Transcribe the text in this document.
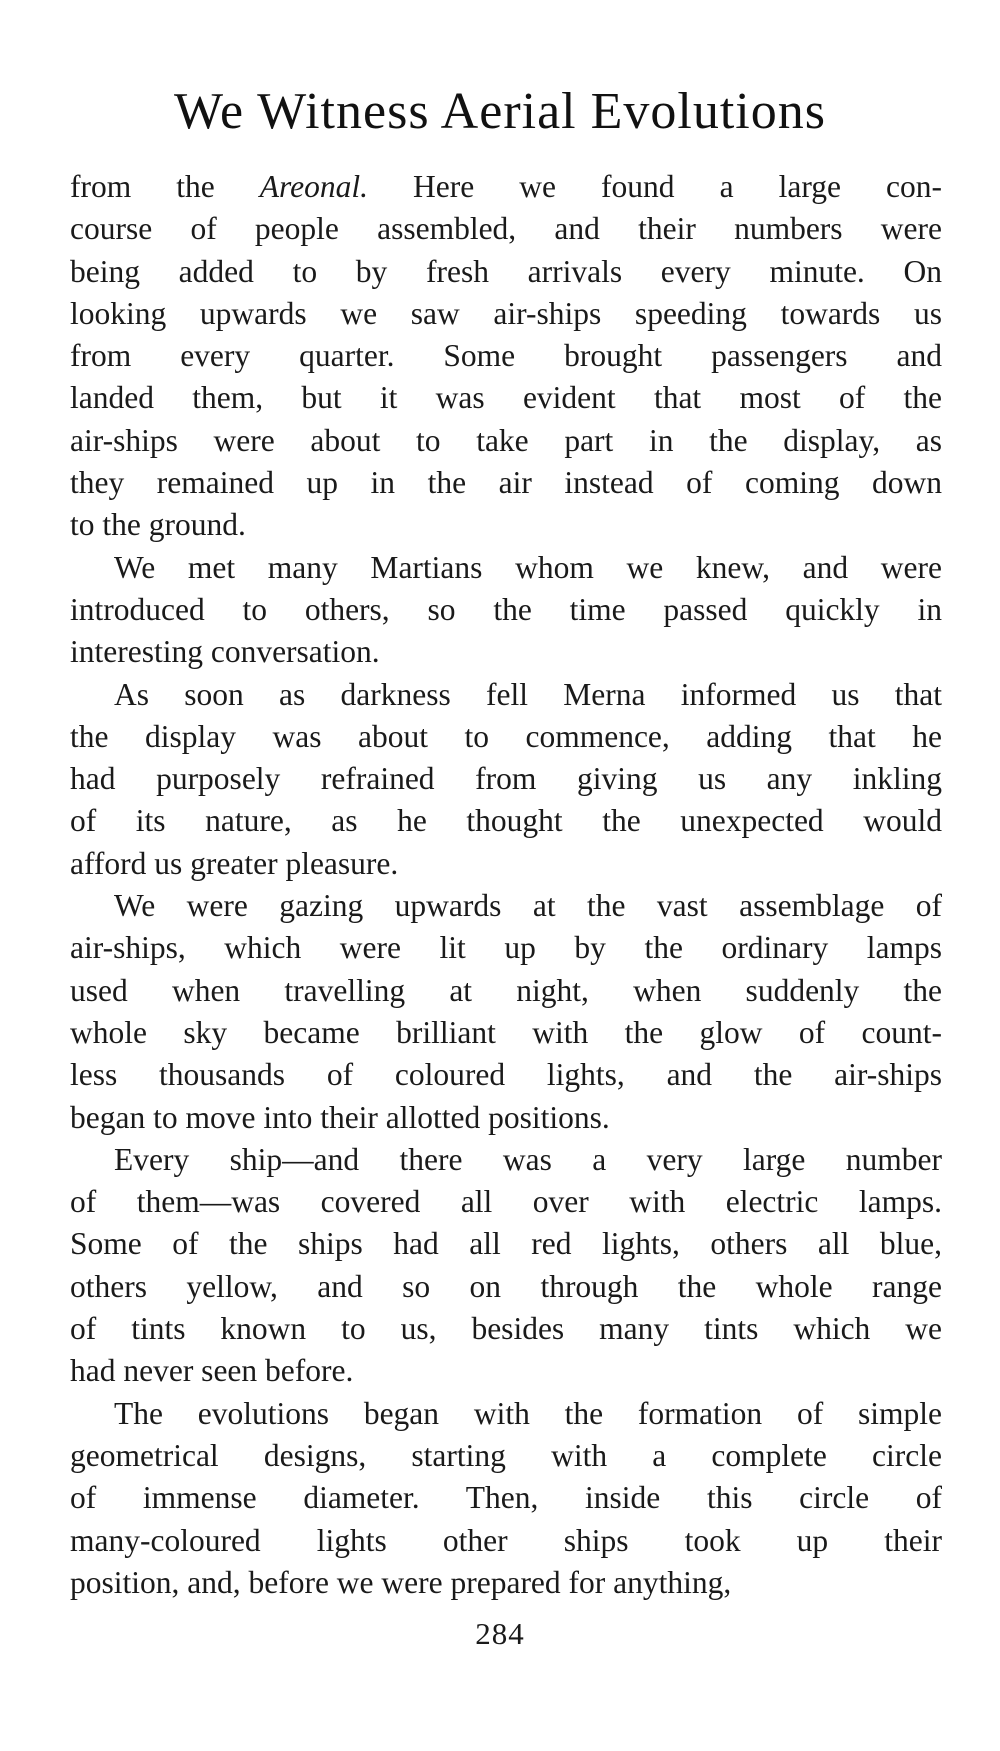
We Witness Aerial Evolutions
from the Areonal. Here we found a large con-
course of people assembled, and their numbers were
being added to by fresh arrivals every minute. On
looking upwards we saw air-ships speeding towards us
from every quarter. Some brought passengers and
landed them, but it was evident that most of the
air-ships were about to take part in the display, as
they remained up in the air instead of coming down
to the ground.
We met many Martians whom we knew, and were
introduced to others, so the time passed quickly in
interesting conversation.
As soon as darkness fell Merna informed us that
the display was about to commence, adding that he
had purposely refrained from giving us any inkling
of its nature, as he thought the unexpected would
afford us greater pleasure.
We were gazing upwards at the vast assemblage of
air-ships, which were lit up by the ordinary lamps
used when travelling at night, when suddenly the
whole sky became brilliant with the glow of count-
less thousands of coloured lights, and the air-ships
began to move into their allotted positions.
Every ship—and there was a very large number
of them—was covered all over with electric lamps.
Some of the ships had all red lights, others all blue,
others yellow, and so on through the whole range
of tints known to us, besides many tints which we
had never seen before.
The evolutions began with the formation of simple
geometrical designs, starting with a complete circle
of immense diameter. Then, inside this circle of
many-coloured lights other ships took up their
position, and, before we were prepared for anything,
284
